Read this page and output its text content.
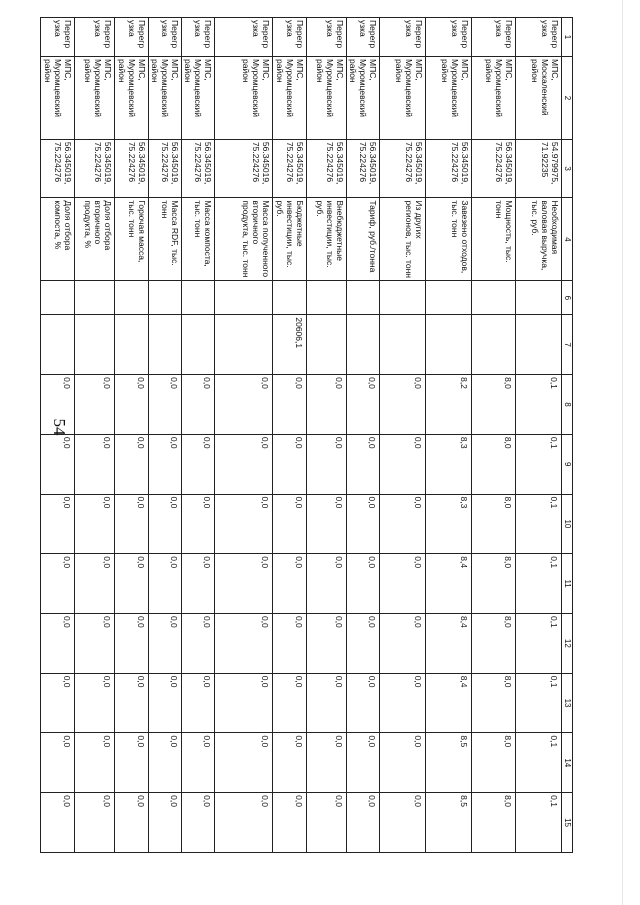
54
1	2	3	4	6	7	8	9	10	11	12	13	14	15
Перегр узка	МПС, Москаленский район	54.979975, 71.92235	Необходимая валовая выручка, тыс. руб.			0,1	0,1	0,1	0,1	0,1	0,1	0,1	0,1
Перегр узка	МПС, Муромцевский район	56.345019, 75.224276	Мощность, тыс. тонн			8,0	8,0	8,0	8,0	8,0	8,0	8,0	8,0
Перегр узка	МПС, Муромцевский район	56.345019, 75.224276	Завезено отходов, тыс. тонн			8,2	8,3	8,3	8,4	8,4	8,4	8,5	8,5
Перегр узка	МПС, Муромцевский район	56.345019, 75.224276	Из других регионов, тыс. тонн			0,0	0,0	0,0	0,0	0,0	0,0	0,0	0,0
Перегр узка	МПС, Муромцевский район	56.345019, 75.224276	Тариф, руб./тонна			0,0	0,0	0,0	0,0	0,0	0,0	0,0	0,0
Перегр узка	МПС, Муромцевский район	56.345019, 75.224276	Внебюджетные инвестиции, тыс. руб.			0,0	0,0	0,0	0,0	0,0	0,0	0,0	0,0
Перегр узка	МПС, Муромцевский район	56.345019, 75.224276	Бюджетные инвестиции, тыс. руб.		20606,1	0,0	0,0	0,0	0,0	0,0	0,0	0,0	0,0
Перегр узка	МПС, Муромцевский район	56.345019, 75.224276	Масса полученного вторичного продукта, тыс. тонн			0,0	0,0	0,0	0,0	0,0	0,0	0,0	0,0
Перегр узка	МПС, Муромцевский район	56.345019, 75.224276	Масса компоста, тыс. тонн			0,0	0,0	0,0	0,0	0,0	0,0	0,0	0,0
Перегр узка	МПС, Муромцевский район	56.345019, 75.224276	Масса RDF, тыс. тонн			0,0	0,0	0,0	0,0	0,0	0,0	0,0	0,0
Перегр узка	МПС, Муромцевский район	56.345019, 75.224276	Горючая масса, тыс. тонн			0,0	0,0	0,0	0,0	0,0	0,0	0,0	0,0
Перегр узка	МПС, Муромцевский район	56.345019, 75.224276	Доля отбора вторичного продукта, %			0,0	0,0	0,0	0,0	0,0	0,0	0,0	0,0
Перегр узка	МПС, Муромцевский район	56.345019, 75.224276	Доля отбора компоста, %			0,0	0,0	0,0	0,0	0,0	0,0	0,0	0,0
